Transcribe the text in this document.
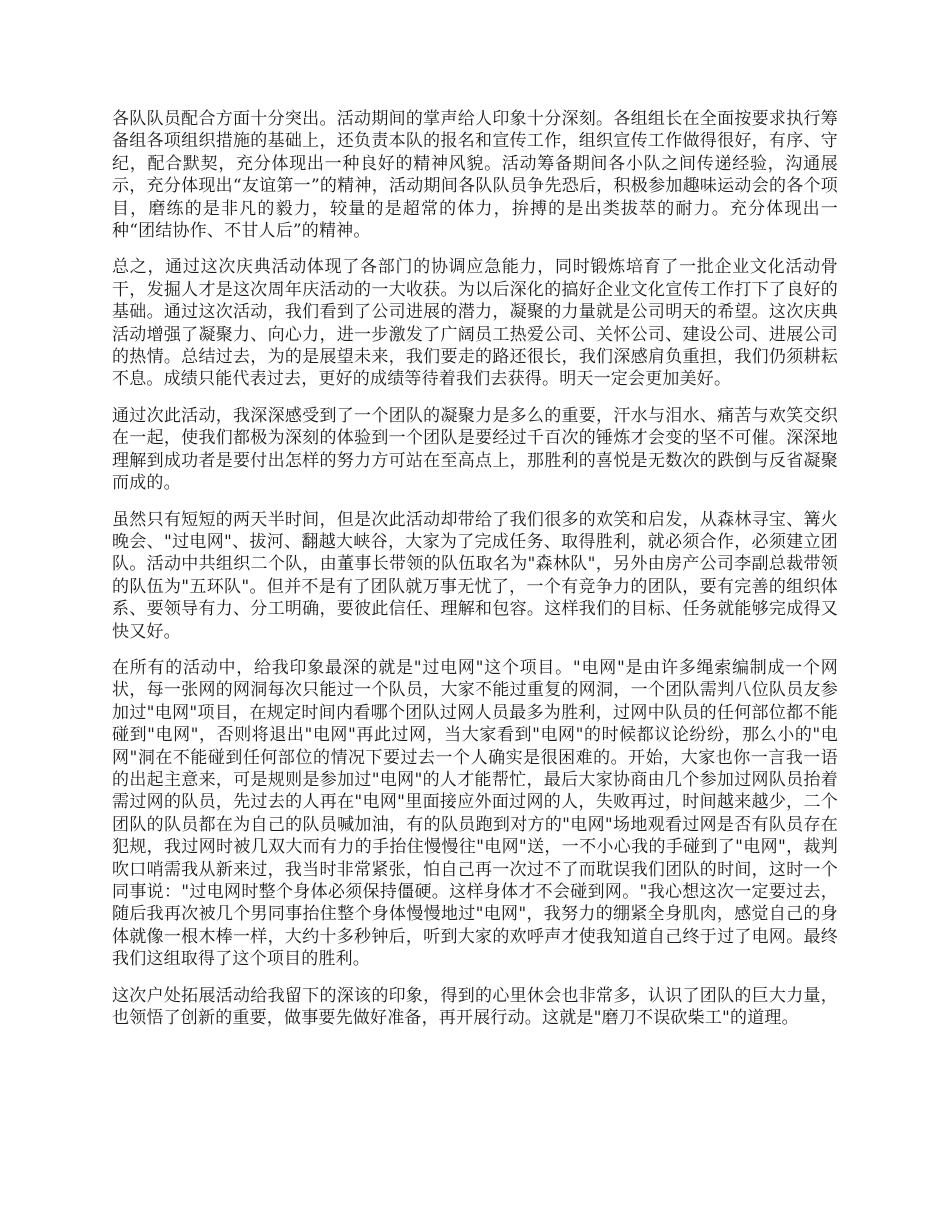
各队队员配合方面十分突出。活动期间的掌声给人印象十分深刻。各组组长在全面按要求执行筹备组各项组织措施的基础上，还负责本队的报名和宣传工作，组织宣传工作做得很好，有序、守纪，配合默契，充分体现出一种良好的精神风貌。活动筹备期间各小队之间传递经验，沟通展示，充分体现出“友谊第一”的精神，活动期间各队队员争先恐后，积极参加趣味运动会的各个项目，磨练的是非凡的毅力，较量的是超常的体力，拚搏的是出类拔萃的耐力。充分体现出一种“团结协作、不甘人后”的精神。

总之，通过这次庆典活动体现了各部门的协调应急能力，同时锻炼培育了一批企业文化活动骨干，发掘人才是这次周年庆活动的一大收获。为以后深化的搞好企业文化宣传工作打下了良好的基础。通过这次活动，我们看到了公司进展的潜力，凝聚的力量就是公司明天的希望。这次庆典活动增强了凝聚力、向心力，进一步激发了广阔员工热爱公司、关怀公司、建设公司、进展公司的热情。总结过去，为的是展望未来，我们要走的路还很长，我们深感肩负重担，我们仍须耕耘不息。成绩只能代表过去，更好的成绩等待着我们去获得。明天一定会更加美好。

通过次此活动，我深深感受到了一个团队的凝聚力是多么的重要，汗水与泪水、痛苦与欢笑交织在一起，使我们都极为深刻的体验到一个团队是要经过千百次的锤炼才会变的坚不可催。深深地理解到成功者是要付出怎样的努力方可站在至高点上，那胜利的喜悦是无数次的跌倒与反省凝聚而成的。

虽然只有短短的两天半时间，但是次此活动却带给了我们很多的欢笑和启发，从森林寻宝、篝火晚会、"过电网"、拔河、翻越大峡谷，大家为了完成任务、取得胜利，就必须合作，必须建立团队。活动中共组织二个队，由董事长带领的队伍取名为"森林队"，另外由房产公司李副总裁带领的队伍为"五环队"。但并不是有了团队就万事无忧了，一个有竞争力的团队，要有完善的组织体系、要领导有力、分工明确，要彼此信任、理解和包容。这样我们的目标、任务就能够完成得又快又好。

在所有的活动中，给我印象最深的就是"过电网"这个项目。"电网"是由许多绳索编制成一个网状，每一张网的网洞每次只能过一个队员，大家不能过重复的网洞，一个团队需判八位队员友参加过"电网"项目，在规定时间内看哪个团队过网人员最多为胜利，过网中队员的任何部位都不能碰到"电网"，否则将退出"电网"再此过网，当大家看到"电网"的时候都议论纷纷，那么小的"电网"洞在不能碰到任何部位的情况下要过去一个人确实是很困难的。开始，大家也你一言我一语的出起主意来，可是规则是参加过"电网"的人才能帮忙，最后大家协商由几个参加过网队员抬着需过网的队员，先过去的人再在"电网"里面接应外面过网的人，失败再过，时间越来越少，二个团队的队员都在为自己的队员喊加油，有的队员跑到对方的"电网"场地观看过网是否有队员存在犯规，我过网时被几双大而有力的手抬住慢慢往"电网"送，一不小心我的手碰到了"电网"，裁判吹口哨需我从新来过，我当时非常紧张，怕自己再一次过不了而耽误我们团队的时间，这时一个同事说："过电网时整个身体必须保持僵硬。这样身体才不会碰到网。"我心想这次一定要过去，随后我再次被几个男同事抬住整个身体慢慢地过"电网"，我努力的绷紧全身肌肉，感觉自己的身体就像一根木棒一样，大约十多秒钟后，听到大家的欢呼声才使我知道自己终于过了电网。最终我们这组取得了这个项目的胜利。

这次户处拓展活动给我留下的深该的印象，得到的心里休会也非常多，认识了团队的巨大力量，也领悟了创新的重要，做事要先做好准备，再开展行动。这就是"磨刀不误砍柴工"的道理。
